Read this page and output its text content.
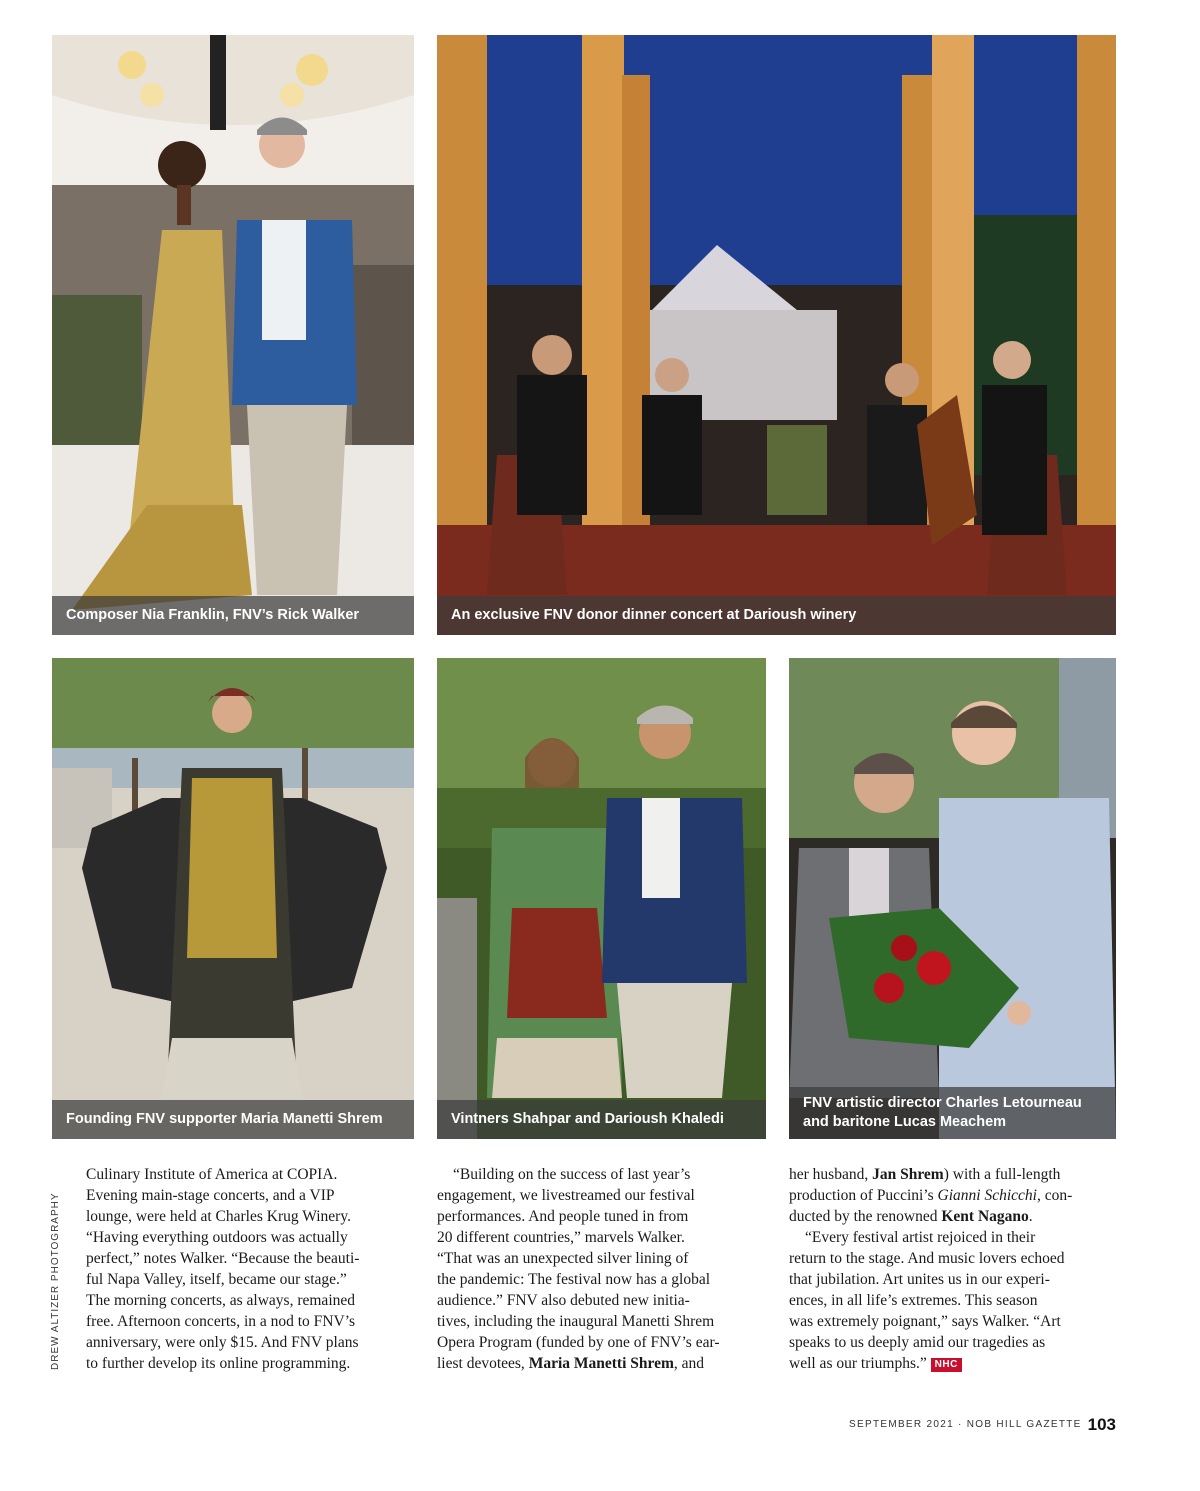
Composer Nia Franklin, FNV’s Rick Walker	An exclusive FNV donor dinner concert at Darioush winery
Founding FNV supporter Maria Manetti Shrem	Vintners Shahpar and Darioush Khaledi
FNV artistic director Charles Letourneau
and baritone Lucas Meachem
DREW ALTIZER PHOTOGRAPHY

Culinary Institute of America at COPIA.

Evening main-stage concerts, and a VIP

lounge, were held at Charles Krug Winery.

“Having everything outdoors was actually

perfect,” notes Walker. “Because the beauti-

ful Napa Valley, itself, became our stage.”

The morning concerts, as always, remained

free. Afternoon concerts, in a nod to FNV’s

anniversary, were only $15. And FNV plans

to further develop its online programming.

“Building on the success of last year’s

engagement, we livestreamed our festival

performances. And people tuned in from

20 different countries,” marvels Walker.

“That was an unexpected silver lining of

the pandemic: The festival now has a global

audience.” FNV also debuted new initia-

tives, including the inaugural Manetti Shrem

Opera Program (funded by one of FNV’s ear-

liest devotees, Maria Manetti Shrem, and

her husband, Jan Shrem) with a full-length

production of Puccini’s Gianni Schicchi, con-

ducted by the renowned Kent Nagano.

“Every festival artist rejoiced in their

return to the stage. And music lovers echoed

that jubilation. Art unites us in our experi-

ences, in all life’s extremes. This season

was extremely poignant,” says Walker. “Art

speaks to us deeply amid our tragedies as

well as our triumphs.” NHC

SEPTEMBER 2021 · NOB HILL GAZETTE 103
